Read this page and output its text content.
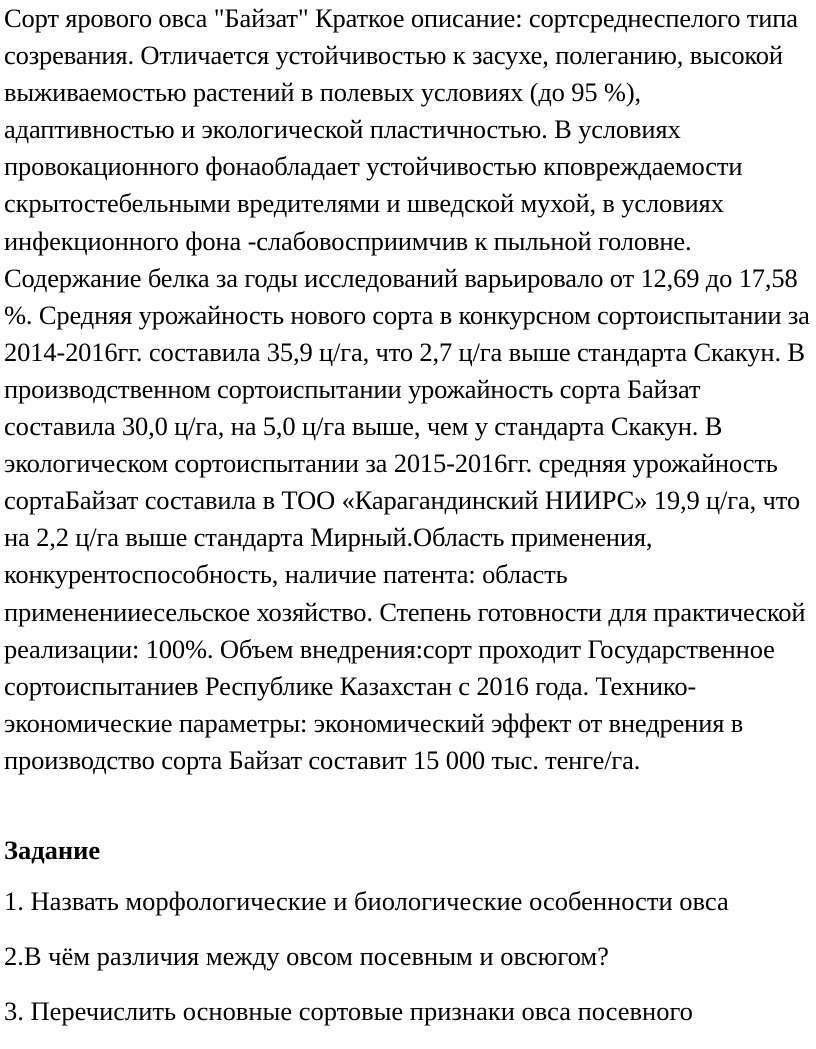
Сорт ярового овса "Байзат" Краткое описание: сортсреднеспелого типа созревания. Отличается устойчивостью к засухе, полеганию, высокой выживаемостью растений в полевых условиях (до 95 %), адаптивностью и экологической пластичностью. В условиях провокационного фонаобладает устойчивостью кповреждаемости скрытостебельными вредителями и шведской мухой, в условиях инфекционного фона -слабовосприимчив к пыльной головне. Содержание белка за годы исследований варьировало от 12,69 до 17,58 %. Средняя урожайность нового сорта в конкурсном сортоиспытании за 2014-2016гг. составила 35,9 ц/га, что 2,7 ц/га выше стандарта Скакун. В производственном сортоиспытании урожайность сорта Байзат составила 30,0 ц/га, на 5,0 ц/га выше, чем у стандарта Скакун. В экологическом сортоиспытании за 2015-2016гг. средняя урожайность сортаБайзат составила в ТОО «Карагандинский НИИРС» 19,9 ц/га, что на 2,2 ц/га выше стандарта Мирный.Область применения, конкурентоспособность, наличие патента: область примененииесельское хозяйство. Степень готовности для практической реализации: 100%. Объем внедрения:сорт проходит Государственное сортоиспытаниев Республике Казахстан с 2016 года. Технико-экономические параметры: экономический эффект от внедрения в производство сорта Байзат составит 15 000 тыс. тенге/га.

Задание

1. Назвать морфологические и биологические особенности овса

2.В чём различия между овсом посевным и овсюгом?

3. Перечислить основные сортовые признаки овса посевного
